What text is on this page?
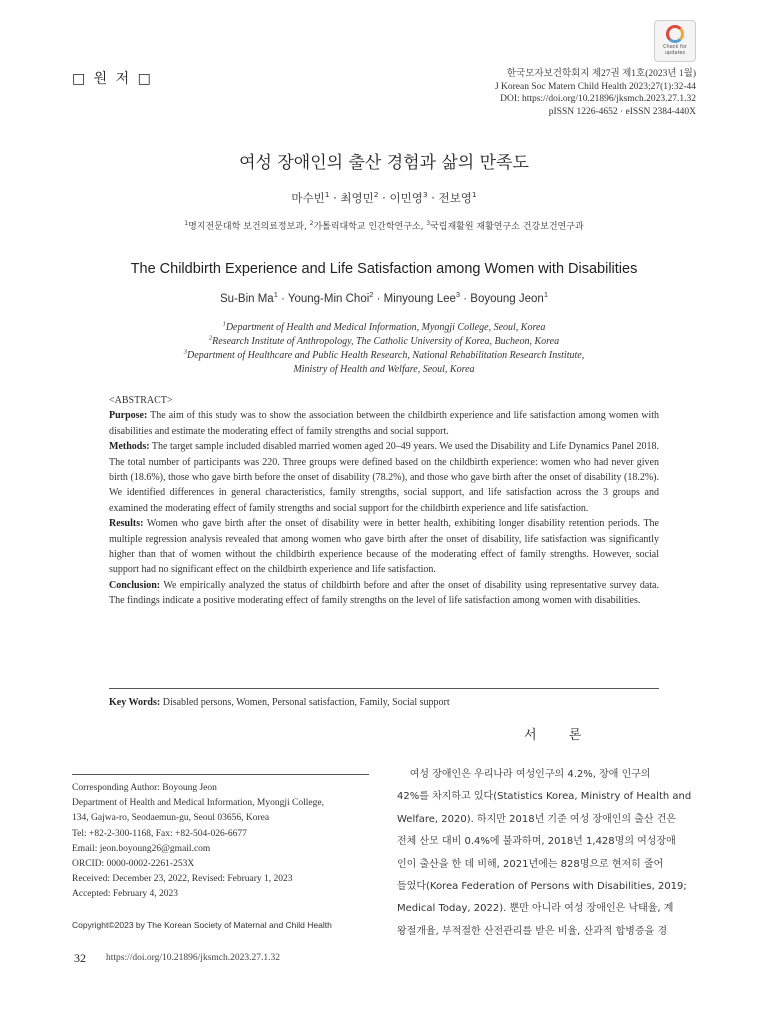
Check for updates
□ 원 저 □	한국모자보건학회지 제27권 제1호(2023년 1월)
J Korean Soc Matern Child Health 2023;27(1):32-44
DOI: https://doi.org/10.21896/jksmch.2023.27.1.32
pISSN 1226-4652 · eISSN 2384-440X
여성 장애인의 출산 경험과 삶의 만족도
마수빈$^1$ · 최영민$^2$ · 이민영$^3$ · 전보영$^1$
$^1$명지전문대학 보건의료정보과, $^2$가톨릭대학교 인간학연구소, $^3$국립재활원 재활연구소 건강보건연구과
The Childbirth Experience and Life Satisfaction among Women with Disabilities
Su-Bin $Ma^1$ · Young-Min Choi$^2$ · Minyoung Lee$^3$ · Boyoung Jeon$^1$
$^1$Department of Health and Medical Information, Myongji College, Seoul, Korea
$^2$Research Institute of Anthropology, The Catholic University of Korea, Bucheon, Korea
$^3$Department of Healthcare and Public Health Research, National Rehabilitation Research Institute,
Ministry of Health and Welfare, Seoul, Korea

<ABSTRACT>

Purpose: The aim of this study was to show the association between the childbirth experience and life satisfaction among women with disabilities and estimate the moderating effect of family strengths and social support.

Methods: The target sample included disabled married women aged 20–49 years. We used the Disability and Life Dynamics Panel 2018. The total number of participants was 220. Three groups were defined based on the childbirth experience: women who had never given birth (18.6%), those who gave birth before the onset of disability (78.2%), and those who gave birth after the onset of disability (18.2%). We identified differences in general characteristics, family strengths, social support, and life satisfaction across the 3 groups and examined the moderating effect of family strengths and social support for the childbirth experience and life satisfaction.

Results: Women who gave birth after the onset of disability were in better health, exhibiting longer disability retention periods. The multiple regression analysis revealed that among women who gave birth after the onset of disability, life satisfaction was significantly higher than that of women without the childbirth experience because of the moderating effect of family strengths. However, social support had no significant effect on the childbirth experience and life satisfaction.

Conclusion: We empirically analyzed the status of childbirth before and after the onset of disability using representative survey data. The findings indicate a positive moderating effect of family strengths on the level of life satisfaction among women with disabilities.

Key Words: Disabled persons, Women, Personal satisfaction, Family, Social support
서 론
Corresponding Author: Boyoung Jeon
Department of Health and Medical Information, Myongji College,
134, Gajwa-ro, Seodaemun-gu, Seoul 03656, Korea
Tel: +82-2-300-1168, Fax: +82-504-026-6677
Email: jeon.boyoung26@gmail.com
ORCID: 0000-0002-2261-253X
Received: December 23, 2022, Revised: February 1, 2023
Accepted: February 4, 2023
Copyright©2023 by The Korean Society of Maternal and Child Health
여성 장애인은 우리나라 여성인구의 4.2%, 장애 인구의
42%를 차지하고 있다(Statistics Korea, Ministry of Health and
Welfare, 2020). 하지만 2018년 기준 여성 장애인의 출산 건은
전체 산모 대비 0.4%에 불과하며, 2018년 1,428명의 여성장애
인이 출산을 한 데 비해, 2021년에는 828명으로 현저히 줄어
들었다(Korea Federation of Persons with Disabilities, 2019;
Medical Today, 2022). 뿐만 아니라 여성 장애인은 낙태율, 계
왕절개율, 부적절한 산전관리를 받은 비율, 산과적 합병증을 경
32 https://doi.org/10.21896/jksmch.2023.27.1.32
